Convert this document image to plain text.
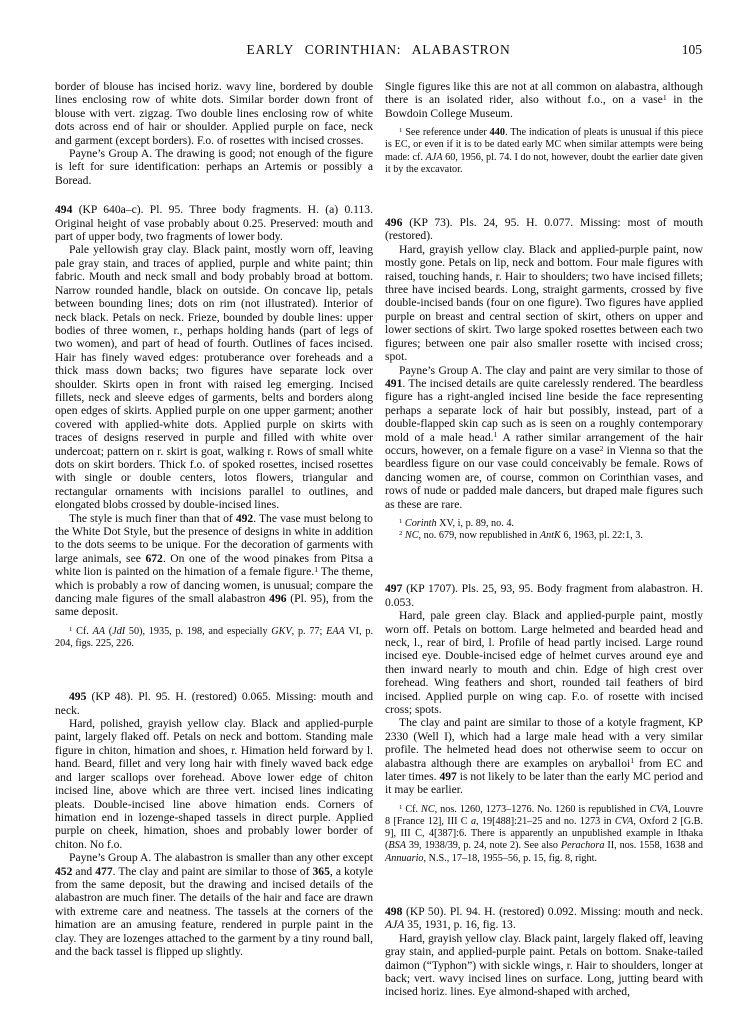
EARLY CORINTHIAN: ALABASTRON	105

border of blouse has incised horiz. wavy line, bordered by double lines enclosing row of white dots. Similar border down front of blouse with vert. zigzag. Two double lines enclosing row of white dots across end of hair or shoulder. Applied purple on face, neck and garment (except borders). F.o. of rosettes with incised crosses.

Payne’s Group A. The drawing is good; not enough of the figure is left for sure identification: perhaps an Artemis or possibly a Boread.

494 (KP 640a–c). Pl. 95. Three body fragments. H. (a) 0.113. Original height of vase probably about 0.25. Preserved: mouth and part of upper body, two fragments of lower body.

Pale yellowish gray clay. Black paint, mostly worn off, leaving pale gray stain, and traces of applied, purple and white paint; thin fabric. Mouth and neck small and body probably broad at bottom. Narrow rounded handle, black on outside. On concave lip, petals between bounding lines; dots on rim (not illustrated). Interior of neck black. Petals on neck. Frieze, bounded by double lines: upper bodies of three women, r., perhaps holding hands (part of legs of two women), and part of head of fourth. Outlines of faces incised. Hair has finely waved edges: protuberance over foreheads and a thick mass down backs; two figures have separate lock over shoulder. Skirts open in front with raised leg emerging. Incised fillets, neck and sleeve edges of garments, belts and borders along open edges of skirts. Applied purple on one upper garment; another covered with applied-white dots. Applied purple on skirts with traces of designs reserved in purple and filled with white over undercoat; pattern on r. skirt is goat, walking r. Rows of small white dots on skirt borders. Thick f.o. of spoked rosettes, incised rosettes with single or double centers, lotos flowers, triangular and rectangular ornaments with incisions parallel to outlines, and elongated blobs crossed by double-incised lines.

The style is much finer than that of 492. The vase must belong to the White Dot Style, but the presence of designs in white in addition to the dots seems to be unique. For the decoration of garments with large animals, see 672. On one of the wood pinakes from Pitsa a white lion is painted on the himation of a female figure.$^1$ The theme, which is probably a row of dancing women, is unusual; compare the dancing male figures of the small alabastron 496 (Pl. 95), from the same deposit.

$^1$ Cf. AA (JdI 50), 1935, p. 198, and especially GKV, p. 77; EAA VI, p. 204, figs. 225, 226.

495 (KP 48). Pl. 95. H. (restored) 0.065. Missing: mouth and neck.

Hard, polished, grayish yellow clay. Black and applied-purple paint, largely flaked off. Petals on neck and bottom. Standing male figure in chiton, himation and shoes, r. Himation held forward by l. hand. Beard, fillet and very long hair with finely waved back edge and larger scallops over forehead. Above lower edge of chiton incised line, above which are three vert. incised lines indicating pleats. Double-incised line above himation ends. Corners of himation end in lozenge-shaped tassels in direct purple. Applied purple on cheek, himation, shoes and probably lower border of chiton. No f.o.

Payne’s Group A. The alabastron is smaller than any other except 452 and 477. The clay and paint are similar to those of 365, a kotyle from the same deposit, but the drawing and incised details of the alabastron are much finer. The details of the hair and face are drawn with extreme care and neatness. The tassels at the corners of the himation are an amusing feature, rendered in purple paint in the clay. They are lozenges attached to the garment by a tiny round ball, and the back tassel is flipped up slightly.

Single figures like this are not at all common on alabastra, although there is an isolated rider, also without f.o., on a vase$^1$ in the Bowdoin College Museum.

$^1$ See reference under 440. The indication of pleats is unusual if this piece is EC, or even if it is to be dated early MC when similar attempts were being made: cf. AJA 60, 1956, pl. 74. I do not, however, doubt the earlier date given it by the excavator.

496 (KP 73). Pls. 24, 95. H. 0.077. Missing: most of mouth (restored).

Hard, grayish yellow clay. Black and applied-purple paint, now mostly gone. Petals on lip, neck and bottom. Four male figures with raised, touching hands, r. Hair to shoulders; two have incised fillets; three have incised beards. Long, straight garments, crossed by five double-incised bands (four on one figure). Two figures have applied purple on breast and central section of skirt, others on upper and lower sections of skirt. Two large spoked rosettes between each two figures; between one pair also smaller rosette with incised cross; spot.

Payne’s Group A. The clay and paint are very similar to those of 491. The incised details are quite carelessly rendered. The beardless figure has a right-angled incised line beside the face representing perhaps a separate lock of hair but possibly, instead, part of a double-flapped skin cap such as is seen on a roughly contemporary mold of a male head.$^1$ A rather similar arrangement of the hair occurs, however, on a female figure on a vase$^2$ in Vienna so that the beardless figure on our vase could conceivably be female. Rows of dancing women are, of course, common on Corinthian vases, and rows of nude or padded male dancers, but draped male figures such as these are rare.

$^1$ Corinth XV, i, p. 89, no. 4.

$^2$ NC, no. 679, now republished in AntK 6, 1963, pl. 22:1, 3.

497 (KP 1707). Pls. 25, 93, 95. Body fragment from alabastron. H. 0.053.

Hard, pale green clay. Black and applied-purple paint, mostly worn off. Petals on bottom. Large helmeted and bearded head and neck, l., rear of bird, l. Profile of head partly incised. Large round incised eye. Double-incised edge of helmet curves around eye and then inward nearly to mouth and chin. Edge of high crest over forehead. Wing feathers and short, rounded tail feathers of bird incised. Applied purple on wing cap. F.o. of rosette with incised cross; spots.

The clay and paint are similar to those of a kotyle fragment, KP 2330 (Well I), which had a large male head with a very similar profile. The helmeted head does not otherwise seem to occur on alabastra although there are examples on aryballoi$^1$ from EC and later times. 497 is not likely to be later than the early MC period and it may be earlier.

$^1$ Cf. NC, nos. 1260, 1273–1276. No. 1260 is republished in CVA, Louvre 8 [France 12], III C a, 19[488]:21–25 and no. 1273 in CVA, Oxford 2 [G.B. 9], III C, 4[387]:6. There is apparently an unpublished example in Ithaka (BSA 39, 1938/39, p. 24, note 2). See also Perachora II, nos. 1558, 1638 and Annuario, N.S., 17–18, 1955–56, p. 15, fig. 8, right.

498 (KP 50). Pl. 94. H. (restored) 0.092. Missing: mouth and neck. AJA 35, 1931, p. 16, fig. 13.

Hard, grayish yellow clay. Black paint, largely flaked off, leaving gray stain, and applied-purple paint. Petals on bottom. Snake-tailed daimon (“Typhon”) with sickle wings, r. Hair to shoulders, longer at back; vert. wavy incised lines on surface. Long, jutting beard with incised horiz. lines. Eye almond-shaped with arched,
